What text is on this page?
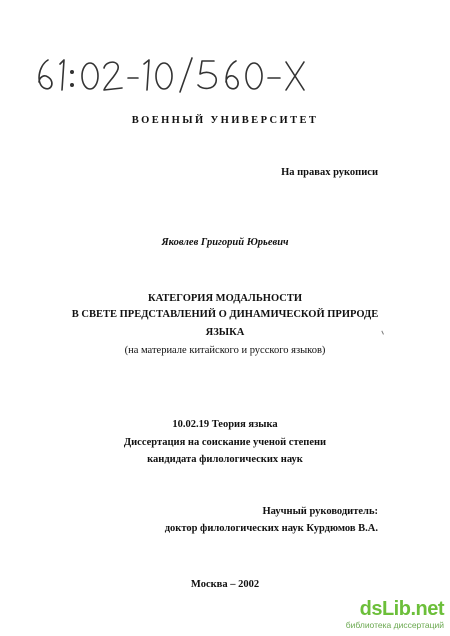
61: 02-10/560-X
ВОЕННЫЙ УНИВЕРСИТЕТ
На правах рукописи
Яковлев Григорий Юрьевич
КАТЕГОРИЯ МОДАЛЬНОСТИ
В СВЕТЕ ПРЕДСТАВЛЕНИЙ О ДИНАМИЧЕСКОЙ ПРИРОДЕ
ЯЗЫКА
(на материале китайского и русского языков)
10.02.19 Теория языка
Диссертация на соискание ученой степени
кандидата филологических наук
Научный руководитель:
доктор филологических наук Курдюмов В.А.
Москва – 2002
dsLib.net
библиотека диссертаций
